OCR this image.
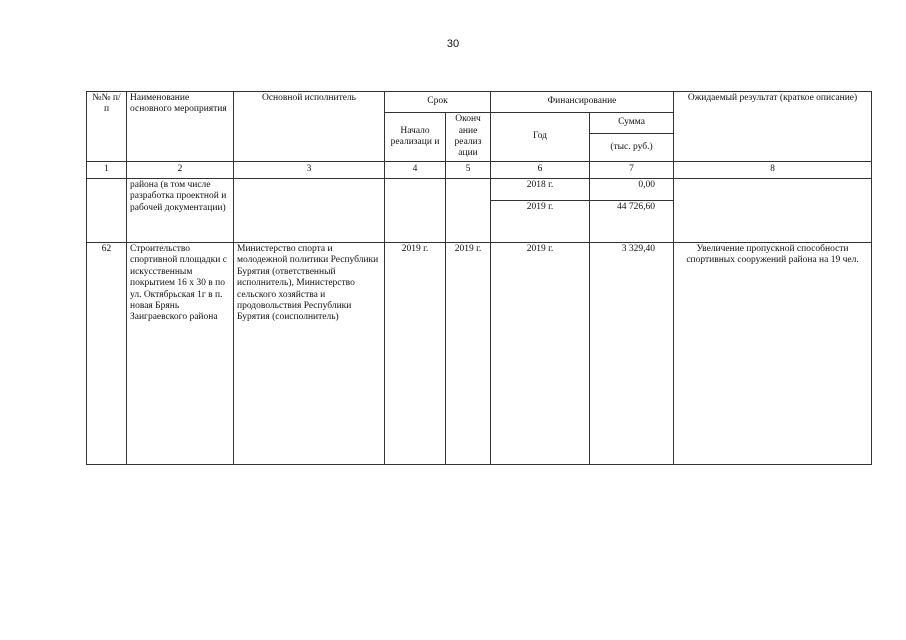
30
№№ п/п	Наименование основного мероприятия	Основной исполнитель	Срок		Финансирование		Ожидаемый результат (краткое описание)
			Начало реализаци и	Оконч ание реализ ации	Год	Сумма	
						(тыс. руб.)	
1	2	3	4	5	6	7	8
	района (в том числе разработка проектной и рабочей документации)				2018 г.	0,00	
					2019 г.	44 726,60	
62	Строительство спортивной площадки с искусственным покрытием 16 х 30 в по ул. Октябрьская 1г в п. новая Брянь Заиграевского района	Министерство спорта и молодежной политики Республики Бурятия (ответственный исполнитель), Министерство сельского хозяйства и продовольствия Республики Бурятия (соисполнитель)	2019 г.	2019 г.	2019 г.	3 329,40	Увеличение пропускной способности спортивных сооружений района на 19 чел.
